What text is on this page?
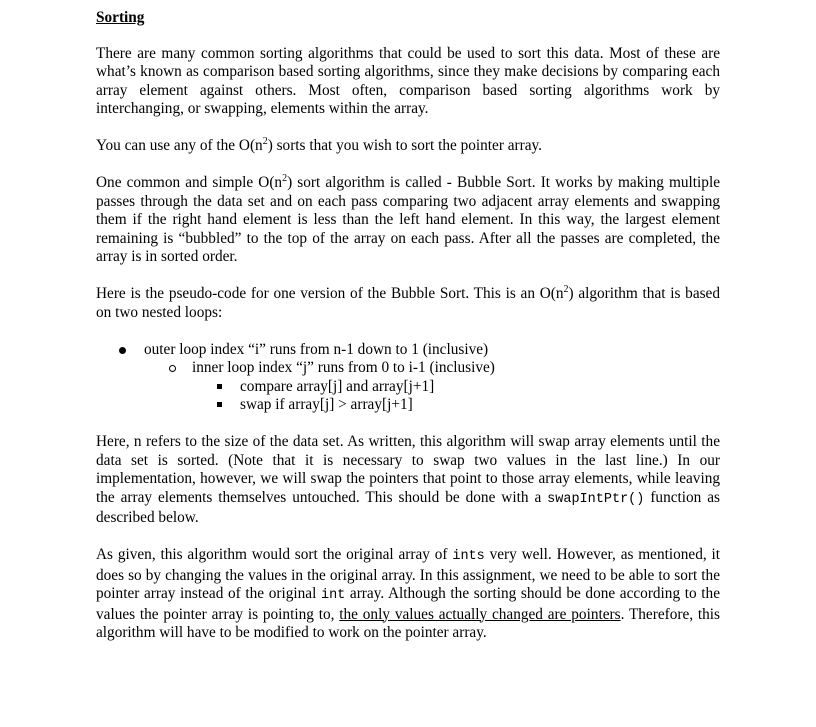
Sorting

There are many common sorting algorithms that could be used to sort this data. Most of these are what’s known as comparison based sorting algorithms, since they make decisions by comparing each array element against others. Most often, comparison based sorting algorithms work by interchanging, or swapping, elements within the array.

You can use any of the $O(n^2)$ sorts that you wish to sort the pointer array.

One common and simple $O(n^2)$ sort algorithm is called - Bubble Sort. It works by making multiple passes through the data set and on each pass comparing two adjacent array elements and swapping them if the right hand element is less than the left hand element. In this way, the largest element remaining is “bubbled” to the top of the array on each pass. After all the passes are completed, the array is in sorted order.

Here is the pseudo-code for one version of the Bubble Sort. This is an $O(n^2)$ algorithm that is based on two nested loops:

outer loop index “i” runs from n-1 down to 1 (inclusive)
inner loop index “j” runs from 0 to i-1 (inclusive)
compare array[j] and array[j+1]
swap if array[j] > array[j+1]

Here, n refers to the size of the data set. As written, this algorithm will swap array elements until the data set is sorted. (Note that it is necessary to swap two values in the last line.) In our implementation, however, we will swap the pointers that point to those array elements, while leaving the array elements themselves untouched. This should be done with a swapIntPtr() function as described below.

As given, this algorithm would sort the original array of ints very well. However, as mentioned, it does so by changing the values in the original array. In this assignment, we need to be able to sort the pointer array instead of the original int array. Although the sorting should be done according to the values the pointer array is pointing to, the only values actually changed are pointers. Therefore, this algorithm will have to be modified to work on the pointer array.
